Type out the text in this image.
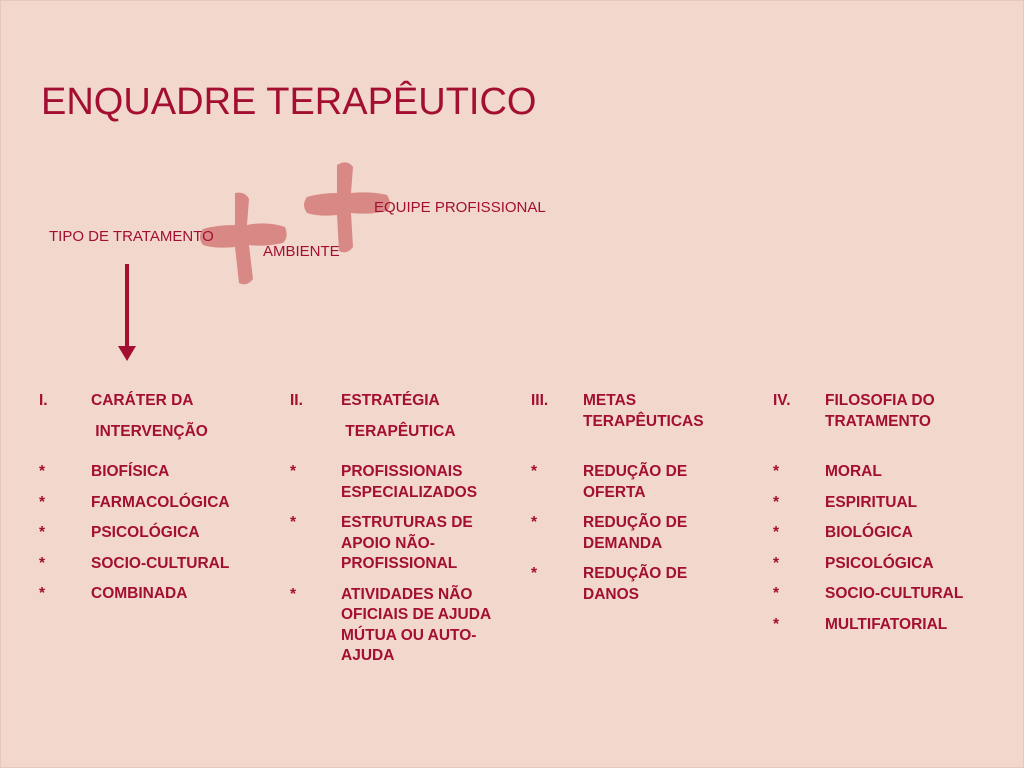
ENQUADRE TERAPÊUTICO
TIPO DE TRATAMENTO
AMBIENTE
EQUIPE PROFISSIONAL
I.	CARÁTER DA
INTERVENÇÃO
*	BIOFÍSICA
*	FARMACOLÓGICA
*	PSICOLÓGICA
*	SOCIO-CULTURAL
*	COMBINADA
II. ESTRATÉGIA
TERAPÊUTICA
*	PROFISSIONAIS ESPECIALIZADOS
*	ESTRUTURAS DE APOIO NÃO-PROFISSIONAL
*	ATIVIDADES NÃO OFICIAIS DE AJUDA MÚTUA OU AUTO-AJUDA
III. METAS TERAPÊUTICAS
*	REDUÇÃO DE OFERTA
*	REDUÇÃO DE DEMANDA
*	REDUÇÃO DE DANOS
IV. FILOSOFIA DO TRATAMENTO
*	MORAL
*	ESPIRITUAL
*	BIOLÓGICA
*	PSICOLÓGICA
*	SOCIO-CULTURAL
*	MULTIFATORIAL
